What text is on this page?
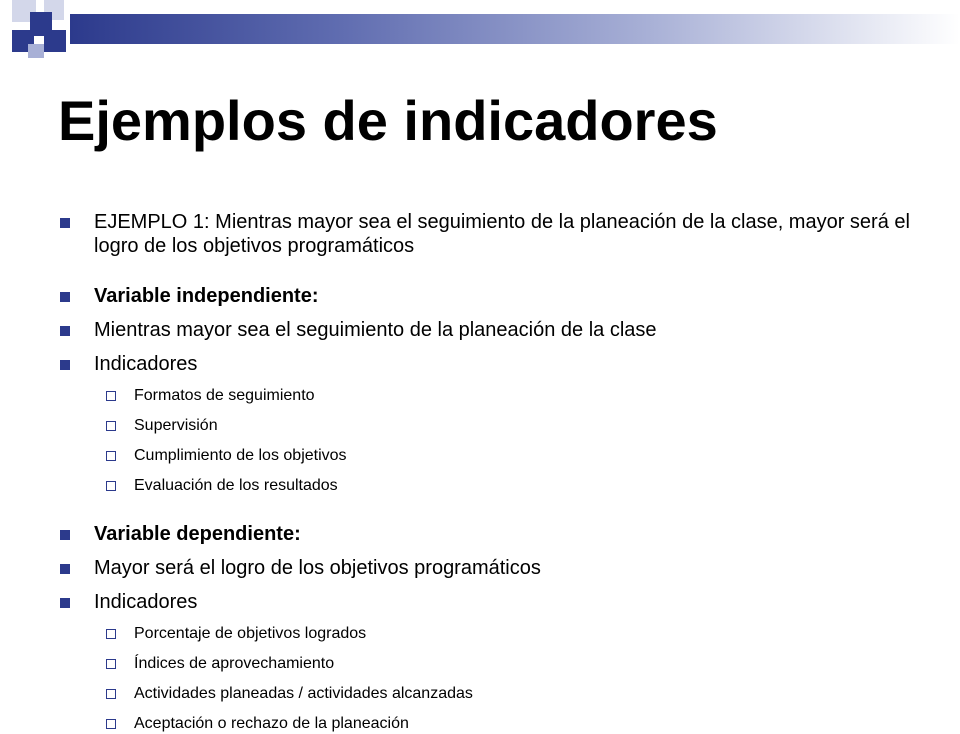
Ejemplos de indicadores
EJEMPLO 1: Mientras mayor sea el seguimiento de la planeación de la clase, mayor será el logro de los objetivos programáticos
Variable independiente:
Mientras mayor sea el seguimiento de la planeación de la clase
Indicadores
Formatos de seguimiento
Supervisión
Cumplimiento de los objetivos
Evaluación de los resultados
Variable dependiente:
Mayor será el logro de los objetivos programáticos
Indicadores
Porcentaje de objetivos logrados
Índices de aprovechamiento
Actividades planeadas / actividades alcanzadas
Aceptación o rechazo de la planeación
